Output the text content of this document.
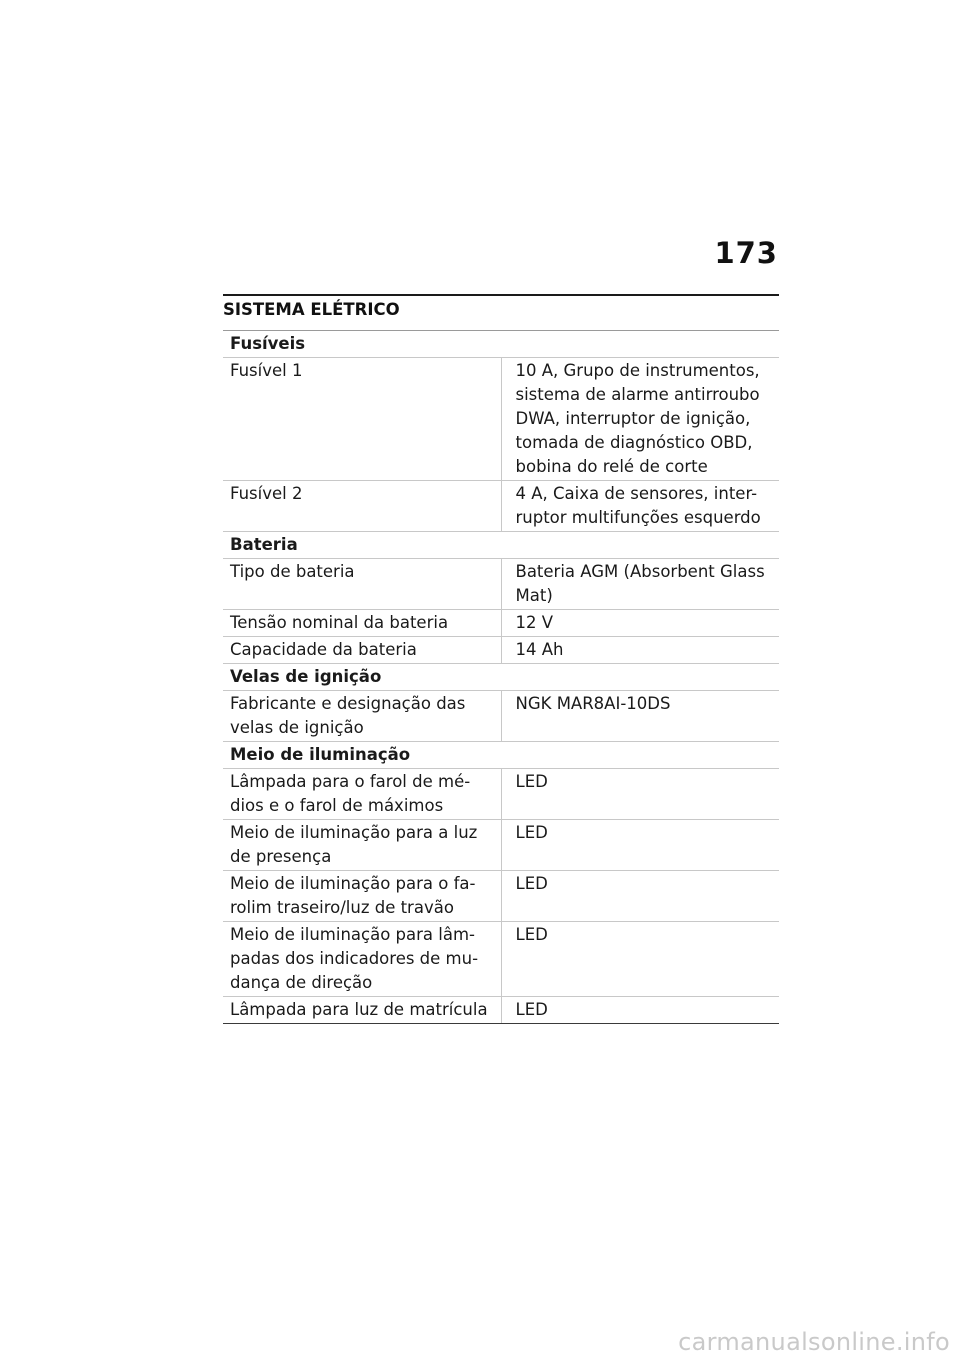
173
SISTEMA ELÉTRICO
Fusíveis	
Fusível 1	10 A, Grupo de instrumentos, sistema de alarme antirroubo DWA, interruptor de ignição, tomada de diagnóstico OBD, bobina do relé de corte
Fusível 2	4 A, Caixa de sensores, inter-ruptor multifunções esquerdo
Bateria	
Tipo de bateria	Bateria AGM (Absorbent Glass Mat)
Tensão nominal da bateria	12 V
Capacidade da bateria	14 Ah
Velas de ignição	
Fabricante e designação das velas de ignição	NGK MAR8AI-10DS
Meio de iluminação	
Lâmpada para o farol de mé-dios e o farol de máximos	LED
Meio de iluminação para a luz de presença	LED
Meio de iluminação para o fa-rolim traseiro/luz de travão	LED
Meio de iluminação para lâm-padas dos indicadores de mu-dança de direção	LED
Lâmpada para luz de matrícula	LED
carmanualsonline.info
